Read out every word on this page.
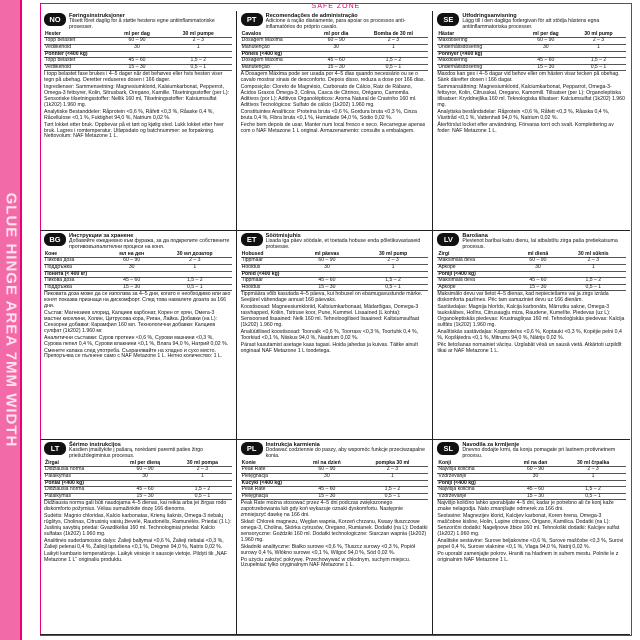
GLUE HINGE AREA 7MM WIDTH
SAFE ZONE
NO	Føringsinstruksjoner
Tilsett fôret daglig for å støtte hestens egne antiinflammatoriske prosesser.
Hester	ml per dag	30 ml pumpe
Topp belastet	60 – 90	2 – 3
Vedlikehold	30	1
Ponnier (<400 kg)		
Topp belastet	45 – 60	1,5 – 2
Vedlikehold	15 – 30	0,5 – 1

I topp belastet fase brukes i 4–5 dager når det behøves eller hvis hesten viser tegn på ubehag. Deretter reduseres dosen i 166 dager.

Ingredienser: Sammensetning: Magnesiumklorid, Kalsiumkarbonat, Pepperrot, Omega-3 fettsyrer, Kolin, Sitrusbark, Oregano, Kamille. Tilsetningsstoffer (per L): Sensoriske tilsetningsstoffer: Nellik 160 ml, Tilsetningsstoffer: Kalsiumsulfat (1k202) 1.960 mg.

Analytiske Bestanddeler: Råprotein <0,6 %, Råfett <0,3 %, Råaske 0,4 %, Råcellulose <0,1 %, Fuktighet 94,0 %, Natrium 0,02 %.

Tørt lokket etter bruk. Oppbevar på et tørt og kjølig sted. Lukk lokket etter hver bruk. Lagres i romtemperatur. Utløpsdato og batchnummer: se forpakning. Nettovolum: NAF Metazone 1 L.

PT	Recomendações de administração
Adicione à ração diariamente, para apoiar os processos anti-inflamatórios do próprio cavalo.
Cavalos	ml por dia	Bomba de 30 ml
Dosagem Máxima	60 – 90	2 – 3
Manutenção	30	1
Pôneis (<400 kg)		
Dosagem Máxima	45 – 60	1,5 – 2
Manutenção	15 – 30	0,5 – 1

A Dosagem Máxima pode ser usada por 4–5 dias quando necessário ou se o cavalo mostrar sinais de desconforto. Depois disso, reduza a dose por 166 dias.

Composição: Cloreto de Magnésio, Carbonato de Cálcio, Raiz de Rábano, Ácidos Graxos Ômega-3, Colina, Casca de Citrinos, Orégano, Camomila. Aditivos (por L): Aditivos Organolépticos: Aroma Natural de Cravinho 160 ml. Aditivos Tecnológicos: Sulfato de cálcio (1k202) 1.960 mg.

Constituintes Analíticos: Proteína bruta <0,6 %, Gordura bruta <0,3 %, Cinza bruta 0,4 %, Fibra bruta <0,1 %, Humidade 94,0 %, Sódio 0,02 %.

Feche bem depois de usar. Manter num local fresco e seco. Recarregue apenas com o NAF Metazone 1 L original. Armazenamento: consulte a embalagem.

SE	Utfodringsanvisning
Lägg till i den dagliga fodergivan för att stödja hästens egna antiinflammatoriska processer.
Hästar	ml per dag	30 ml pump
Maxdosering	60 – 90	2 – 3
Underhållsdosering	30	1
Ponnyer (<400 kg)		
Maxdosering	45 – 60	1,5 – 2
Underhållsdosering	15 – 30	0,5 – 1

Maxdos kan ges i 4–5 dagar vid behov eller om hästen visar tecken på obehag. Sänk därefter dosen i 166 dagar.

Sammansättning: Magnesiumklorid, Kalciumkarbonat, Pepparrot, Omega-3-fettsyror, Kolin, Citrusskal, Oregano, Kamomill. Tillsatser (per L): Organoleptiska tillsatser: Kryddnejlika 160 ml. Teknologiska tillsatser: Kalciumsulfat (1k202) 1.960 mg.

Analytiska beståndsdelar: Råprotein <0,6 %, Råfett <0,3 %, Råaska 0,4 %, Växttråd <0,1 %, Vattenhalt 94,0 %, Natrium 0,02 %.

Återförslut locket efter användning. Förvaras torrt och svalt. Komplettering av foder: NAF Metazone 1 L.

BG	Инструкции за хранене
Добавяйте ежедневно към фуража, за да подкрепите собствените противовъзпалителни процеси на коня.
Коне	мл на ден	30 мл дозатор
Пикова доза	60 – 90	2 – 3
Поддръжка	30	1
Понита (< 400 кг)		
Пикова доза	45 – 60	1,5 – 2
Поддръжка	15 – 30	0,5 – 1

Пиковата доза може да се използва за 4–5 дни, когато е необходимо или ако конят показва признаци на дискомфорт. След това намалете дозата за 166 дни.

Състав: Магнезиев хлорид, Калциев карбонат, Корен от хрян, Омега-3 мастни киселини, Холин, Цитрусова кора, Риган, Лайка. Добавки (на L): Сензорни добавки: Карамфил 160 мл. Технологични добавки: Калциев сулфат (1k202) 1.960 мг.

Аналитични съставки: Суров протеин <0,6 %, Сурови мазнини <0,3 %, Сурова пепел 0,4 %, Сурови влакнини <0,1 %, Влага 94,0 %, Натрий 0,02 %.

Сменете капака след употреба. Съхранявайте на хладно и сухо място. Препоръчва се пълнене само с NAF Metazone 1 L. Нетно количество: 1 L.

ET	Söötmisjuhis
Lisada iga päev söödale, et toetada hobuse enda põletikuvastaseid protsesse.
Hobused	ml päevas	30 ml pump
Tippmäär	60 – 90	2 – 3
Hooldus	30	1
Ponid (<400 kg)		
Tippmäär	45 – 60	1,5 – 2
Hooldus	15 – 30	0,5 – 1

Tippmäära võib kasutada 4–5 päeva, kui hobusel on ebamugavustunde märke. Seejärel vähendage annust 166 päevaks.

Koostisosad: Magneesiumkloriid, Kaltsiumkarbonaat, Mädarõigas, Oomega-3 rasvhapped, Koliin, Tsitruse koor, Pune, Kummel. Lisaained (L kohta): Sensoorsed lisaained: Nelk 160 ml. Tehnoloogilised lisaained: Kaltsiumsulfaat (1k202) 1.960 mg.

Analüütilised koostisosad: Toorvalk <0,6 %, Toorrasv <0,3 %, Toortuhk 0,4 %, Toorkiud <0,1 %, Niiskus 94,0 %, Naatrium 0,02 %.

Pärast kasutamist asetage kaas tagasi. Hoida jahedas ja kuivas. Täitke ainult originaal NAF Metazone 1 L toodetega.

LV	Barošana
Pievienot barībai katru dienu, lai atbalstītu zirga paša pretiekaisuma procesus.
Zirgi	ml dienā	30 ml sūknis
Maksimālā deva	60 – 90	2 – 3
Apkope	30	1
Poniji (<400 kg)		
Maksimālā deva	45 – 60	1,5 – 2
Apkope	15 – 30	0,5 – 1

Maksimālo devu var lietot 4–5 dienas, kad nepieciešams vai ja zirgs izrāda diskomforta pazīmes. Pēc tam samaziniet devu uz 166 dienām.

Sastāvdaļas: Magnija hlorīds, Kalcija karbonāts, Mārrutku sakne, Omega-3 taukskābes, Holīns, Citrusaugļu miza, Raudene, Kumelīte. Piedevas (uz L): Organoleptiskās piedevas: Krustnagliņas 160 ml. Tehnoloģiskās piedevas: Kalcija sulfāts (1k202) 1.960 mg.

Analītiskās sastāvdaļas: Kopproteīns <0,6 %, Koptauki <0,3 %, Kopējie pelni 0,4 %, Kopšķiedra <0,1 %, Mitrums 94,0 %, Nātrijs 0,02 %.

Pēc lietošanas nomainiet vāciņu. Uzglabāt vēsā un sausā vietā. Atkārtoti uzpildīt tikai ar NAF Metazone 1 L.

LT	Šėrimo instrukcijos
Kasdien įmaišykite į pašarą, norėdami paremti paties žirgo priešuždegiminius procesus.
Žirgai	ml per dieną	30 ml pompa
Didžiausia norma	60 – 90	2 – 3
Palaikymas	30	1
Poniai (<400 kg)		
Didžiausia norma	45 – 60	1,5 – 2
Palaikymas	15 – 30	0,5 – 1

Didžiausia norma gali būti naudojama 4–5 dienas, kai reikia arba jei žirgas rodo diskomforto požymius. Vėliau sumažinkite dozę 166 dienoms.

Sudėtis: Magnio chloridas, Kalcio karbonatas, Krienų šaknis, Omega-3 riebalų rūgštys, Cholinas, Citrusinių vaisių žievelė, Raudonėlis, Ramunėlės. Priedai (1 L): Juslinių savybių priedai: Gvazdikėliai 160 ml. Technologiniai priedai: Kalcio sulfatas (1k202) 1.960 mg.

Analitinės sudedamosios dalys: Žalieji baltymai <0,6 %, Žalieji riebalai <0,3 %, Žalieji pelenai 0,4 %, Žalioji ląsteliena <0,1 %, Drėgmė 94,0 %, Natris 0,02 %.

Laikyti kambario temperatūroje. Laikyk vėsioje ir sausoje vietoje. Pildyti tik „NAF Metazone 1 L“ originaliu produktu.

PL	Instrukcja karmienia
Dodawać codziennie do paszy, aby wspomóc funkcje przeciwzapalne konia.
Konie	ml na dzień	pompka 30 ml
Peak Rate	60 – 90	2 – 3
Pielęgnacja	30	1
Kucyki (<400 kg)		
Peak Rate	45 – 60	1,5 – 2
Pielęgnacja	15 – 30	0,5 – 1

Peak Rate można stosować przez 4–5 dni podczas zwiększonego zapotrzebowania lub gdy koń wykazuje oznaki dyskomfortu. Następnie zmniejszyć dawkę na 166 dni.

Skład: Chlorek magnezu, Węglan wapnia, Korzeń chrzanu, Kwasy tłuszczowe omega-3, Cholina, Skórka cytrusów, Oregano, Rumianek. Dodatki (na L): Dodatki sensoryczne: Goździki 160 ml. Dodatki technologiczne: Siarczan wapnia (1k202) 1.960 mg.

Składniki analityczne: Białko surowe <0,6 %, Tłuszcz surowy <0,3 %, Popiół surowy 0,4 %, Włókno surowe <0,1 %, Wilgoć 94,0 %, Sód 0,02 %.

Po użyciu założyć pokrywę. Przechowywać w chłodnym, suchym miejscu. Uzupełniać tylko oryginalnym NAF Metazone 1 L.

SL	Navodila za krmljenje
Dnevno dodajte krmi, da konju pomagate pri lastnem protivnetnem procesu.
Konji	ml na dan	30 ml črpalka
Najvišja količina	60 – 90	2 – 3
Vzdrževanje	30	1
Poniji (<400 kg)		
Najvišja količina	45 – 60	1,5 – 2
Vzdrževanje	15 – 30	0,5 – 1

Najvišjo količino lahko uporabljate 4–5 dni, kadar je potrebno ali če konj kaže znake nelagodja. Nato zmanjšajte odmerek za 166 dni.

Sestavine: Magnezijev klorid, Kalcijev karbonat, Koren hrena, Omega-3 maščobne kisline, Holin, Lupine citrusov, Origano, Kamilica. Dodatki (na L): Senzorični dodatki: Nageljnove žbice 160 ml. Tehnološki dodatki: Kalcijev sulfat (1k202) 1.960 mg.

Analitske sestavine: Surove beljakovine <0,6 %, Surove maščobe <0,3 %, Surovi pepel 0,4 %, Surove vlaknine <0,1 %, Vlaga 94,0 %, Natrij 0,02 %.

Po uporabi zamenjajte pokrov. Hraniti na hladnem in suhem mestu. Polnite le z originalnim NAF Metazone 1 L.
